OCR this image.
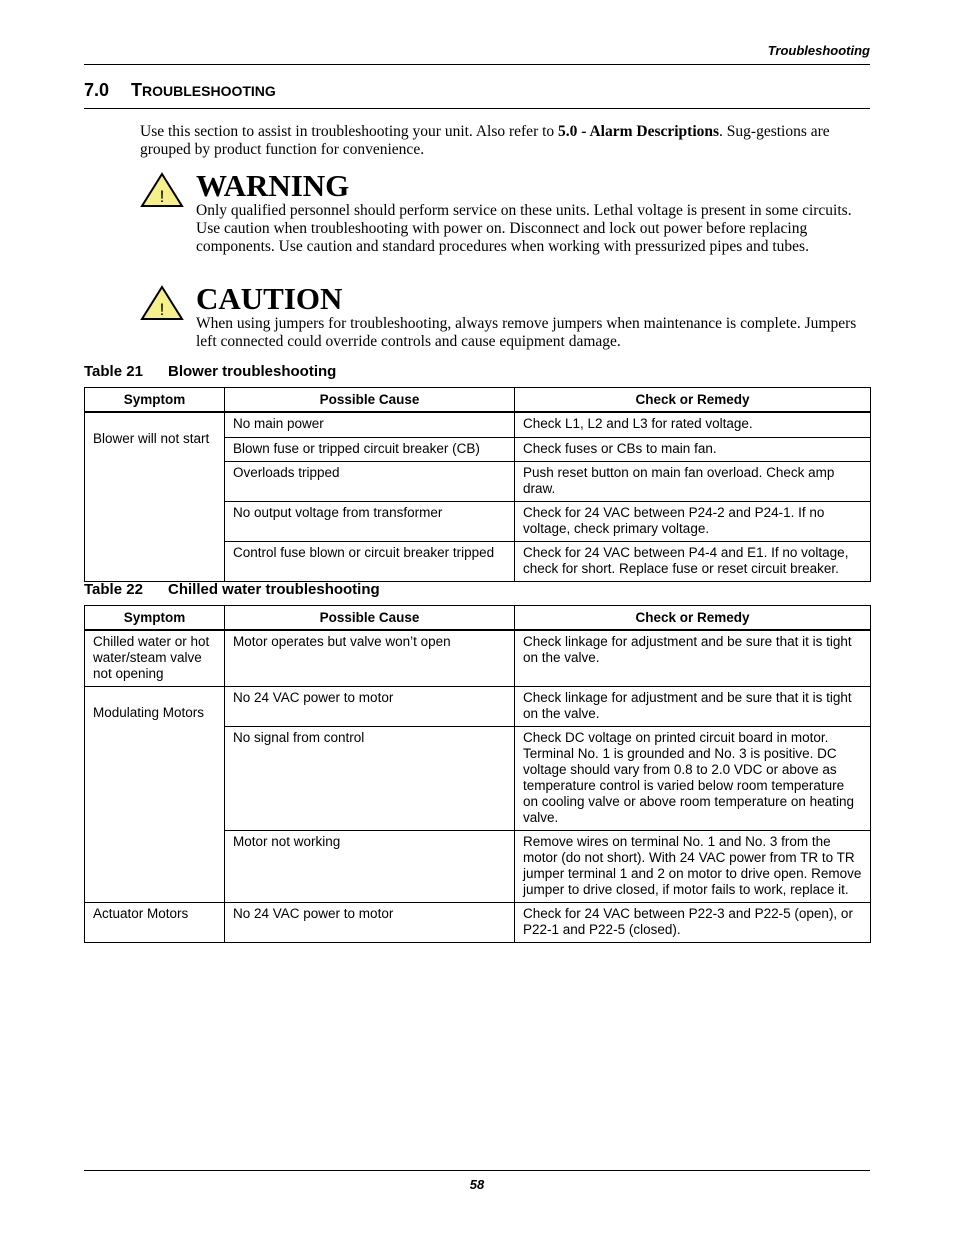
Troubleshooting
7.0 TROUBLESHOOTING
Use this section to assist in troubleshooting your unit. Also refer to 5.0 - Alarm Descriptions. Sug-gestions are grouped by product function for convenience.
! WARNING
Only qualified personnel should perform service on these units. Lethal voltage is present in some circuits. Use caution when troubleshooting with power on. Disconnect and lock out power before replacing components. Use caution and standard procedures when working with pressurized pipes and tubes.
! CAUTION
When using jumpers for troubleshooting, always remove jumpers when maintenance is complete. Jumpers left connected could override controls and cause equipment damage.
Table 21 Blower troubleshooting
Symptom	Possible Cause	Check or Remedy
Blower will not start	No main power	Check L1, L2 and L3 for rated voltage.
	Blown fuse or tripped circuit breaker (CB)	Check fuses or CBs to main fan.
	Overloads tripped	Push reset button on main fan overload. Check amp draw.
	No output voltage from transformer	Check for 24 VAC between P24-2 and P24-1. If no voltage, check primary voltage.
	Control fuse blown or circuit breaker tripped	Check for 24 VAC between P4-4 and E1. If no voltage, check for short. Replace fuse or reset circuit breaker.
Table 22 Chilled water troubleshooting
Symptom	Possible Cause	Check or Remedy
Chilled water or hot water/steam valve not opening	Motor operates but valve won’t open	Check linkage for adjustment and be sure that it is tight on the valve.
Modulating Motors	No 24 VAC power to motor	Check linkage for adjustment and be sure that it is tight on the valve.
	No signal from control	Check DC voltage on printed circuit board in motor. Terminal No. 1 is grounded and No. 3 is positive. DC voltage should vary from 0.8 to 2.0 VDC or above as temperature control is varied below room temperature on cooling valve or above room temperature on heating valve.
	Motor not working	Remove wires on terminal No. 1 and No. 3 from the motor (do not short). With 24 VAC power from TR to TR jumper terminal 1 and 2 on motor to drive open. Remove jumper to drive closed, if motor fails to work, replace it.
Actuator Motors	No 24 VAC power to motor	Check for 24 VAC between P22-3 and P22-5 (open), or P22-1 and P22-5 (closed).
58
